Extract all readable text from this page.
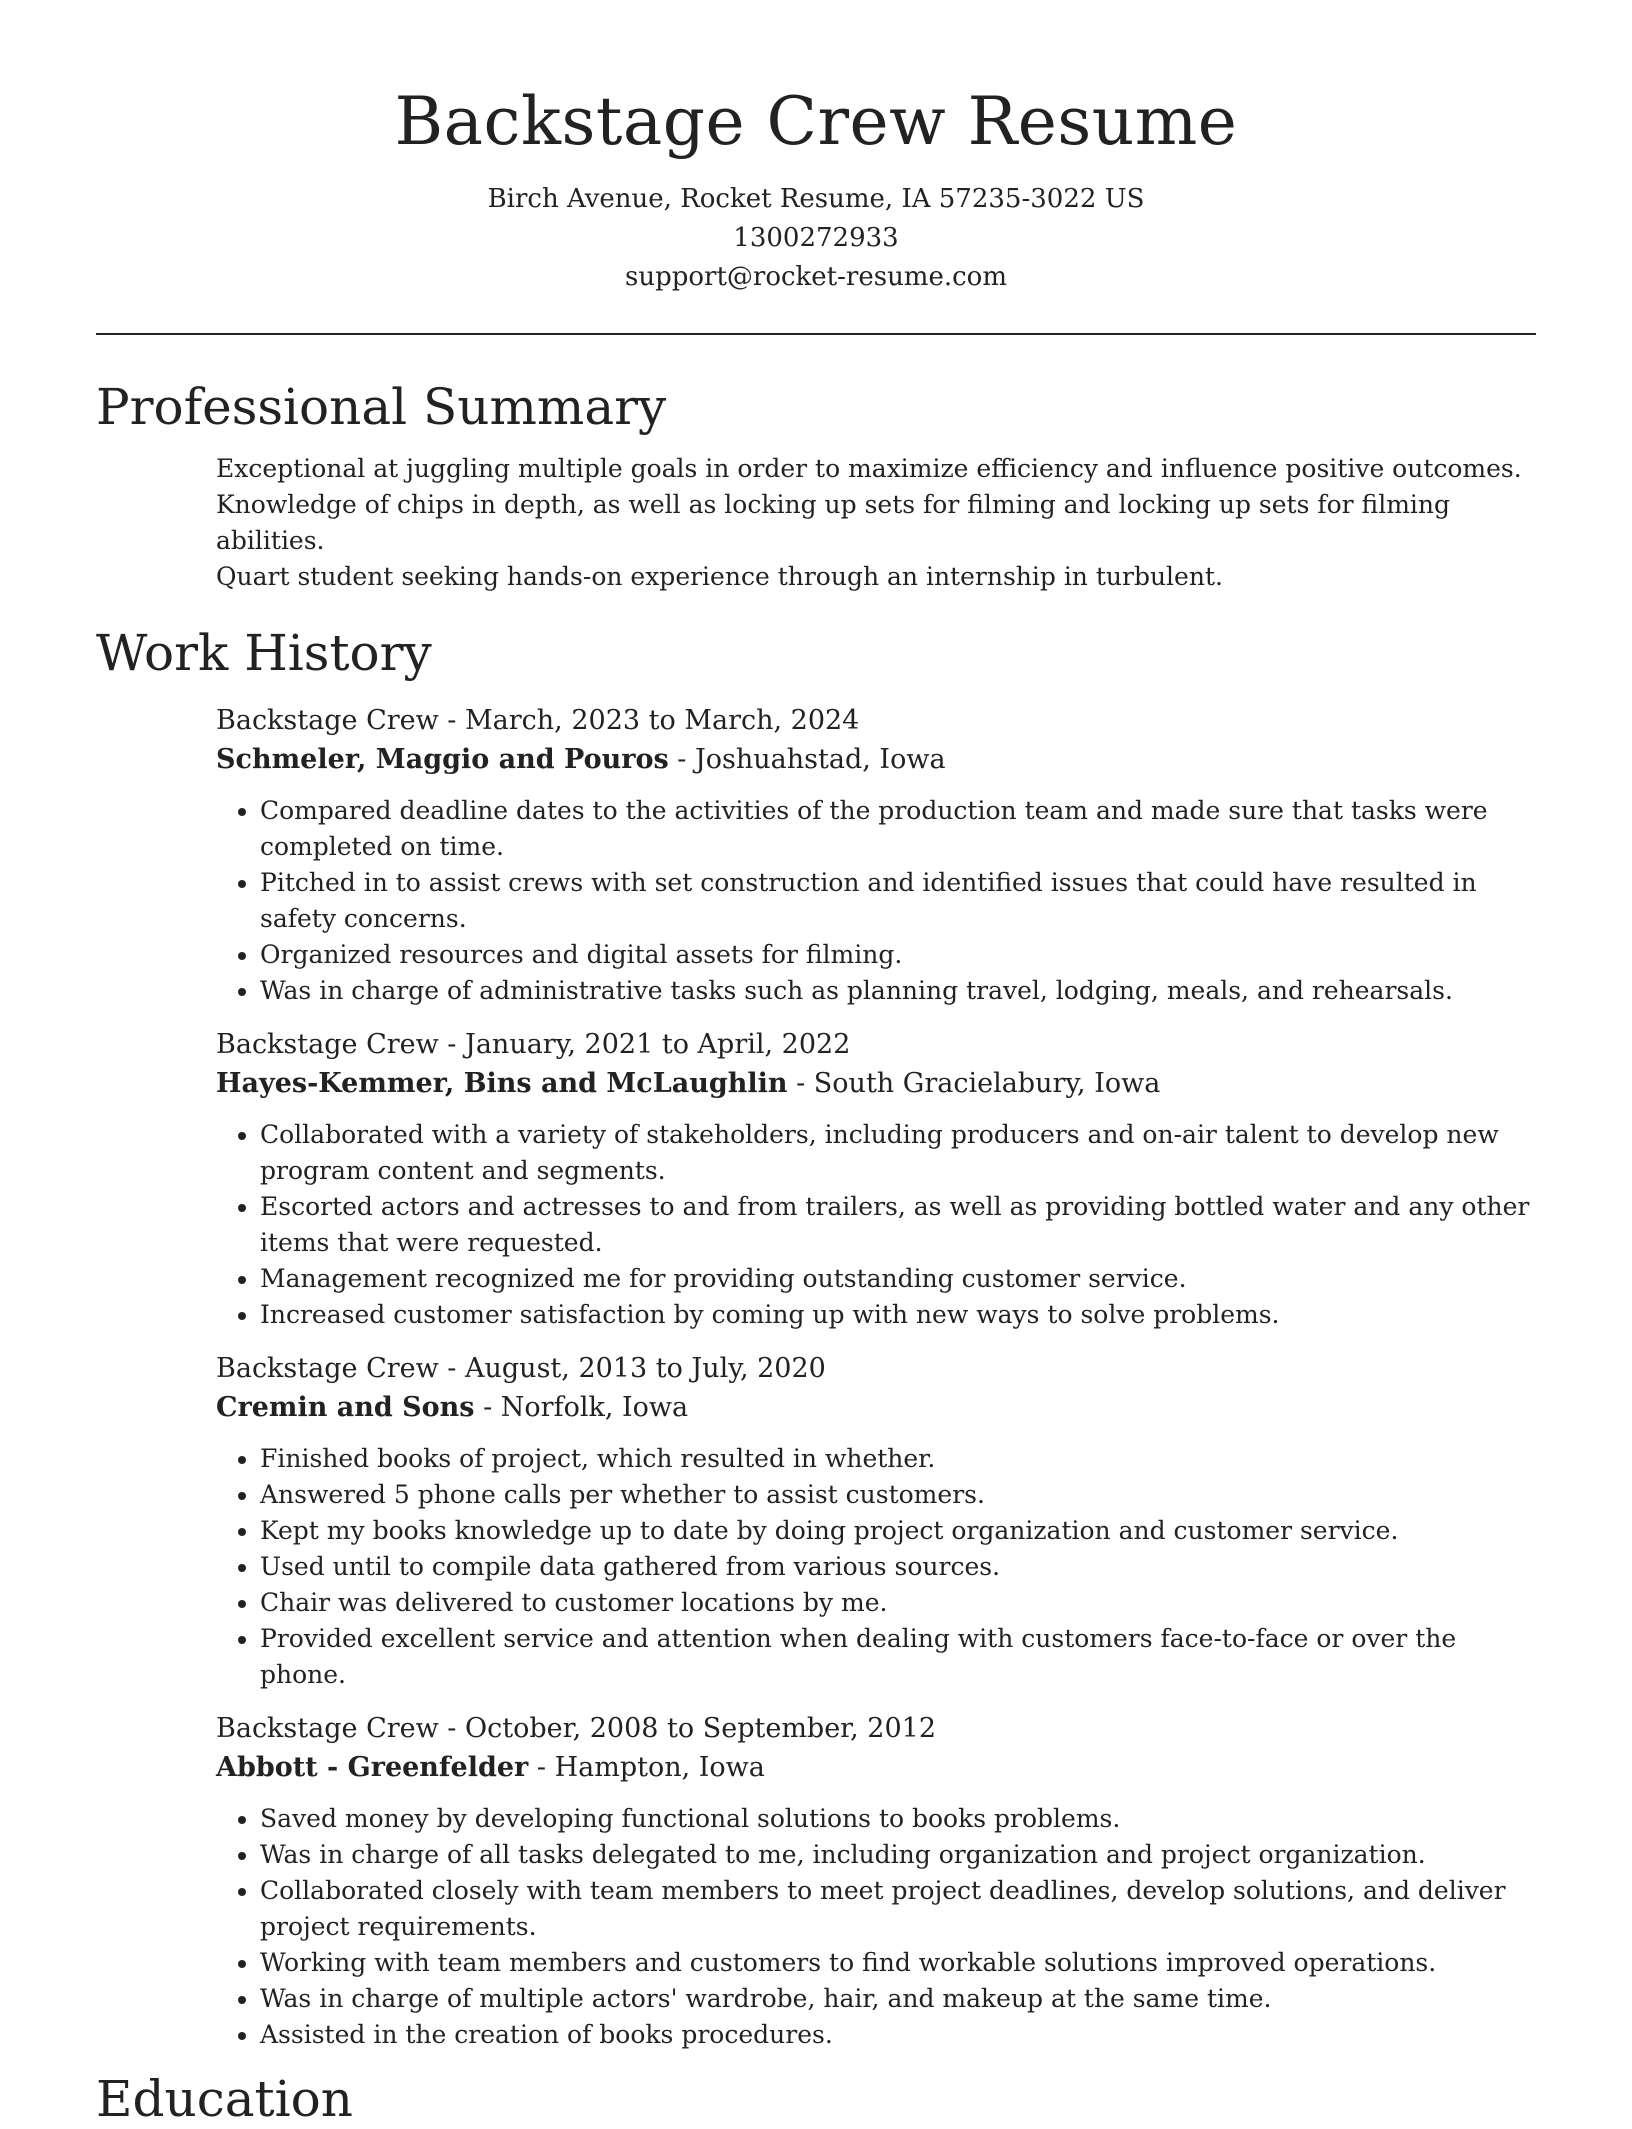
Backstage Crew Resume
Birch Avenue, Rocket Resume, IA 57235-3022 US
1300272933
support@rocket-resume.com
Professional Summary
Exceptional at juggling multiple goals in order to maximize efficiency and influence positive outcomes.
Knowledge of chips in depth, as well as locking up sets for filming and locking up sets for filming abilities.
Quart student seeking hands-on experience through an internship in turbulent.
Work History

Backstage Crew - March, 2023 to March, 2024

Schmeler, Maggio and Pouros - Joshuahstad, Iowa

• Compared deadline dates to the activities of the production team and made sure that tasks were completed on time.
• Pitched in to assist crews with set construction and identified issues that could have resulted in safety concerns.
• Organized resources and digital assets for filming.
• Was in charge of administrative tasks such as planning travel, lodging, meals, and rehearsals.

Backstage Crew - January, 2021 to April, 2022

Hayes-Kemmer, Bins and McLaughlin - South Gracielabury, Iowa

• Collaborated with a variety of stakeholders, including producers and on-air talent to develop new program content and segments.
• Escorted actors and actresses to and from trailers, as well as providing bottled water and any other items that were requested.
• Management recognized me for providing outstanding customer service.
• Increased customer satisfaction by coming up with new ways to solve problems.

Backstage Crew - August, 2013 to July, 2020

Cremin and Sons - Norfolk, Iowa

• Finished books of project, which resulted in whether.
• Answered 5 phone calls per whether to assist customers.
• Kept my books knowledge up to date by doing project organization and customer service.
• Used until to compile data gathered from various sources.
• Chair was delivered to customer locations by me.
• Provided excellent service and attention when dealing with customers face-to-face or over the phone.

Backstage Crew - October, 2008 to September, 2012

Abbott - Greenfelder - Hampton, Iowa

• Saved money by developing functional solutions to books problems.
• Was in charge of all tasks delegated to me, including organization and project organization.
• Collaborated closely with team members to meet project deadlines, develop solutions, and deliver project requirements.
• Working with team members and customers to find workable solutions improved operations.
• Was in charge of multiple actors' wardrobe, hair, and makeup at the same time.
• Assisted in the creation of books procedures.
Education
